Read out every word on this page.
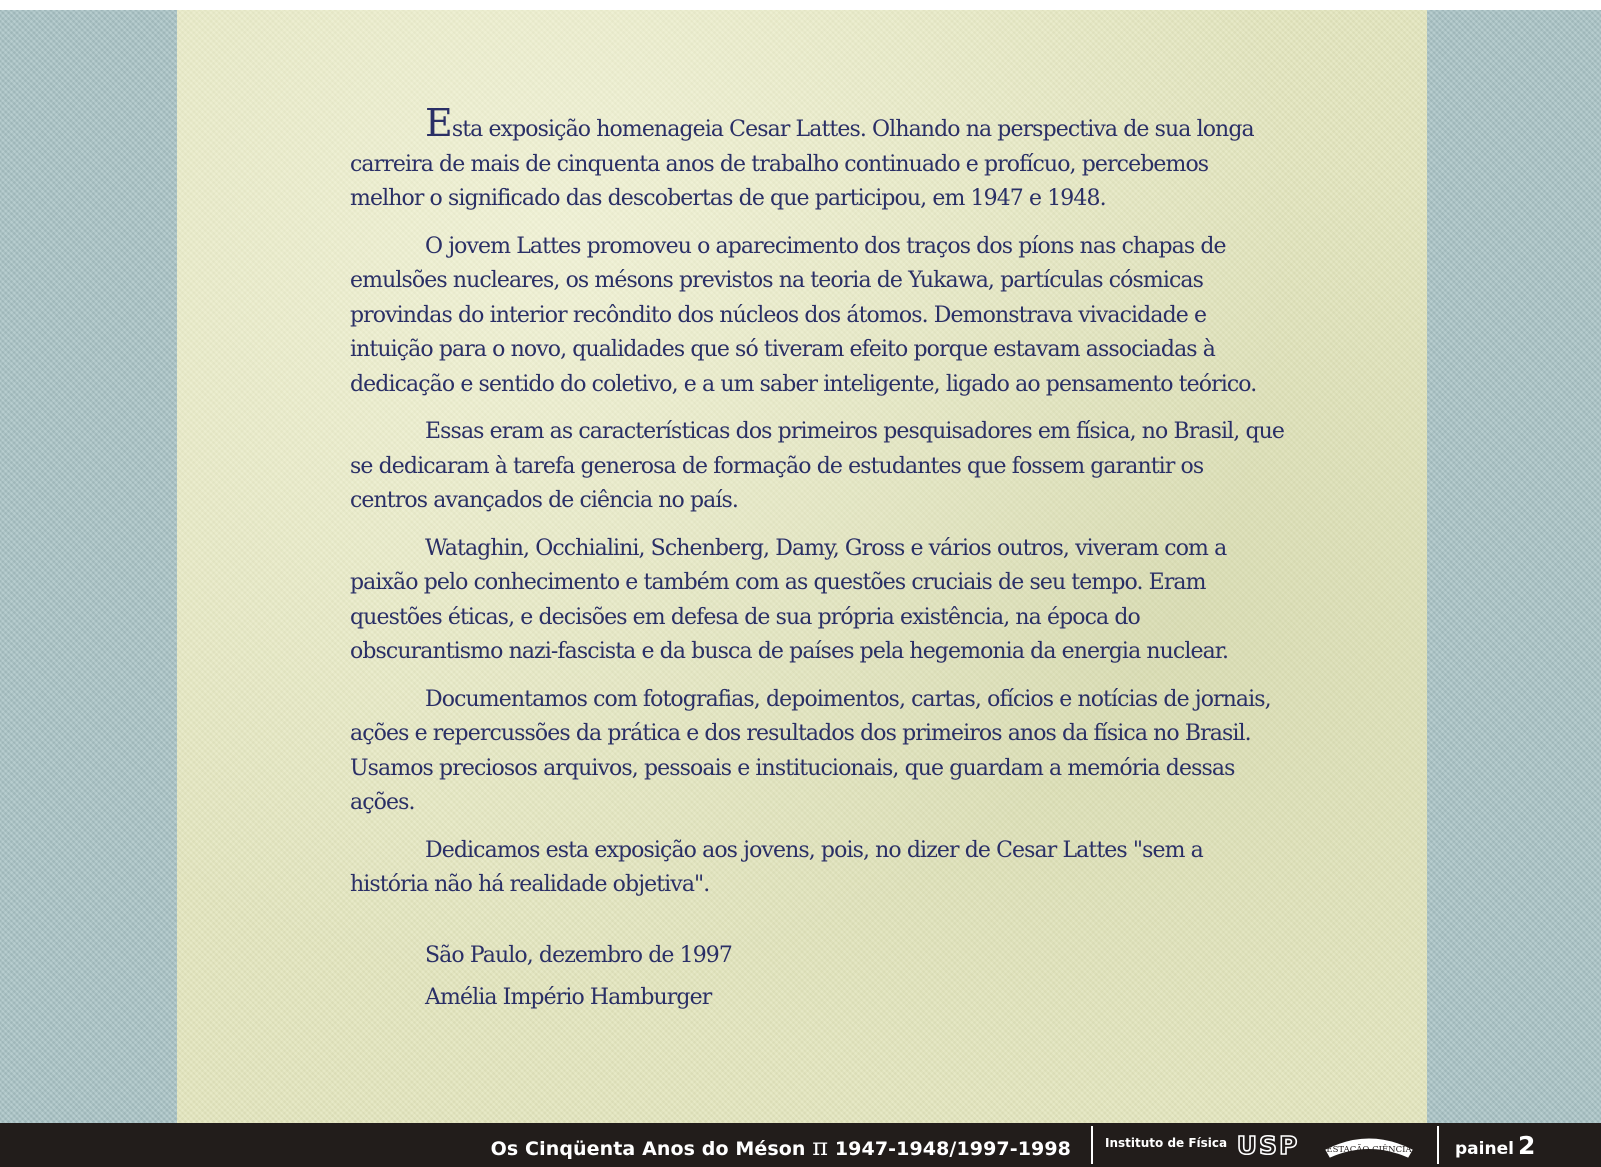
Esta exposição homenageia Cesar Lattes. Olhando na perspectiva de sua longa carreira de mais de cinquenta anos de trabalho continuado e profícuo, percebemos melhor o significado das descobertas de que participou, em 1947 e 1948.

O jovem Lattes promoveu o aparecimento dos traços dos píons nas chapas de emulsões nucleares, os mésons previstos na teoria de Yukawa, partículas cósmicas provindas do interior recôndito dos núcleos dos átomos. Demonstrava vivacidade e intuição para o novo, qualidades que só tiveram efeito porque estavam associadas à dedicação e sentido do coletivo, e a um saber inteligente, ligado ao pensamento teórico.

Essas eram as características dos primeiros pesquisadores em física, no Brasil, que se dedicaram à tarefa generosa de formação de estudantes que fossem garantir os centros avançados de ciência no país.

Wataghin, Occhialini, Schenberg, Damy, Gross e vários outros, viveram com a paixão pelo conhecimento e também com as questões cruciais de seu tempo. Eram questões éticas, e decisões em defesa de sua própria existência, na época do obscurantismo nazi-fascista e da busca de países pela hegemonia da energia nuclear.

Documentamos com fotografias, depoimentos, cartas, ofícios e notícias de jornais, ações e repercussões da prática e dos resultados dos primeiros anos da física no Brasil. Usamos preciosos arquivos, pessoais e institucionais, que guardam a memória dessas ações.

Dedicamos esta exposição aos jovens, pois, no dizer de Cesar Lattes "sem a história não há realidade objetiva".

São Paulo, dezembro de 1997

Amélia Império Hamburger

Os Cinqüenta Anos do Méson π 1947-1948/1997-1998	Instituto de Física USP	ESTAÇÃO CIÊNCIA	painel 2
